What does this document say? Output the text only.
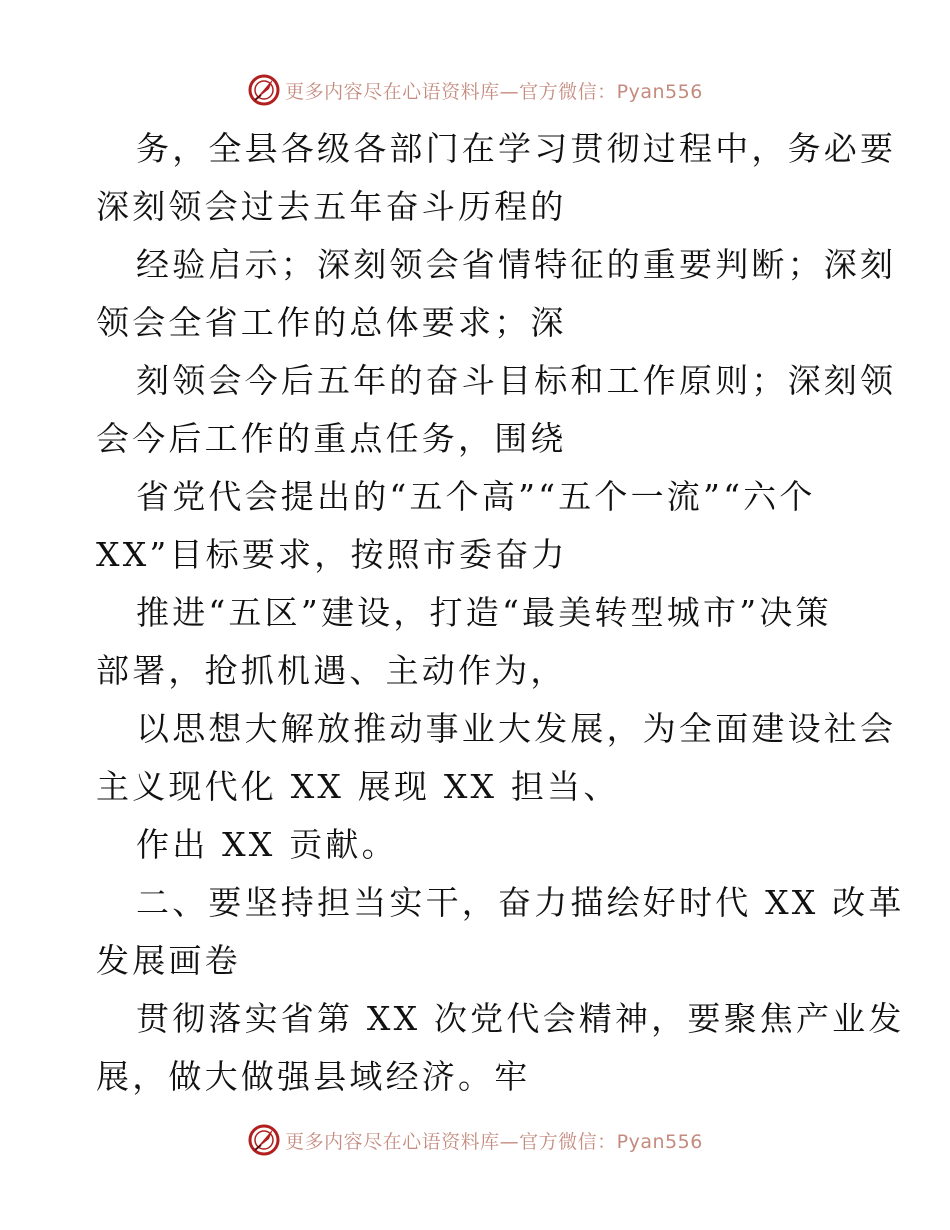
更多内容尽在心语资料库—官方微信：Pyan556
务，全县各级各部门在学习贯彻过程中，务必要
深刻领会过去五年奋斗历程的
经验启示；深刻领会省情特征的重要判断；深刻
领会全省工作的总体要求；深
刻领会今后五年的奋斗目标和工作原则；深刻领
会今后工作的重点任务，围绕
省党代会提出的“五个高”“五个一流”“六个
XX”目标要求，按照市委奋力
推进“五区”建设，打造“最美转型城市”决策
部署，抢抓机遇、主动作为，
以思想大解放推动事业大发展，为全面建设社会
主义现代化 XX 展现 XX 担当、
作出 XX 贡献。
二、要坚持担当实干，奋力描绘好时代 XX 改革
发展画卷
贯彻落实省第 XX 次党代会精神，要聚焦产业发
展，做大做强县域经济。牢
更多内容尽在心语资料库—官方微信：Pyan556
